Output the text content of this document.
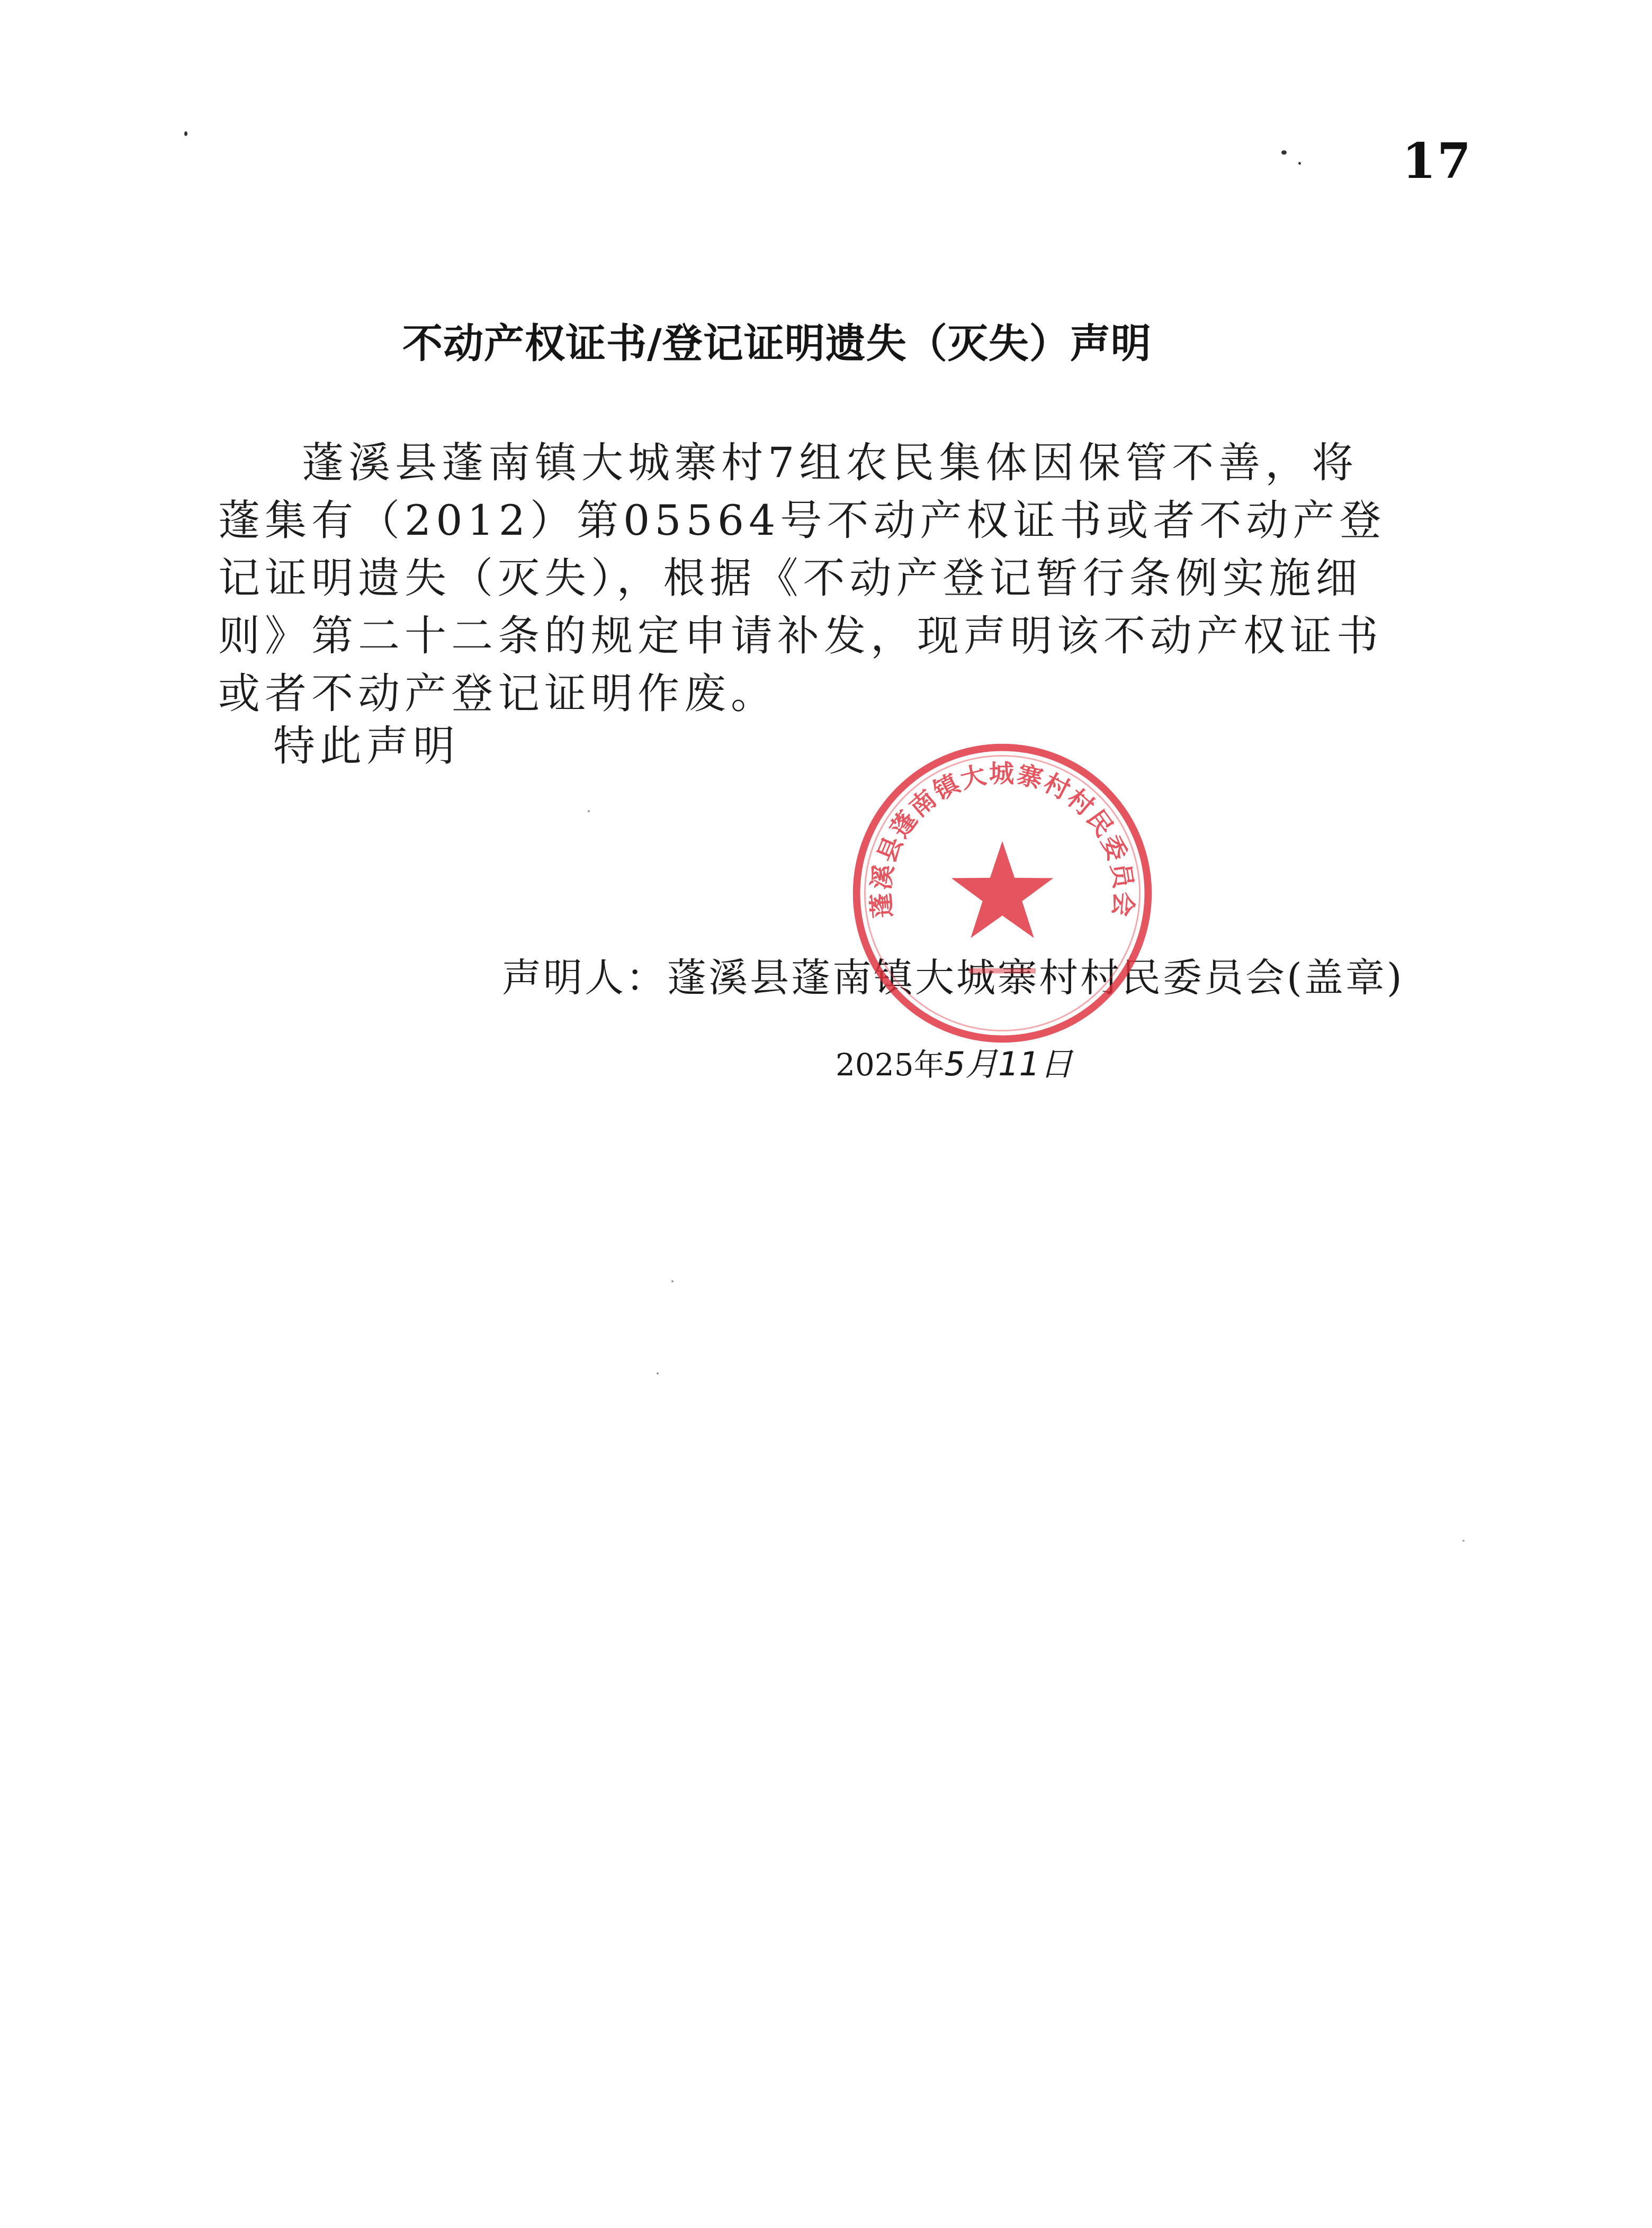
17
不动产权证书/登记证明遗失（灭失）声明
蓬溪县蓬南镇大城寨村7组农民集体因保管不善，将蓬集有（2012）第05564号不动产权证书或者不动产登记证明遗失（灭失），根据《不动产登记暂行条例实施细则》第二十二条的规定申请补发，现声明该不动产权证书或者不动产登记证明作废。
特此声明
声明人：蓬溪县蓬南镇大城寨村村民委员会(盖章)
2025年5月11日
蓬溪县蓬南镇大城寨村村民委员会
